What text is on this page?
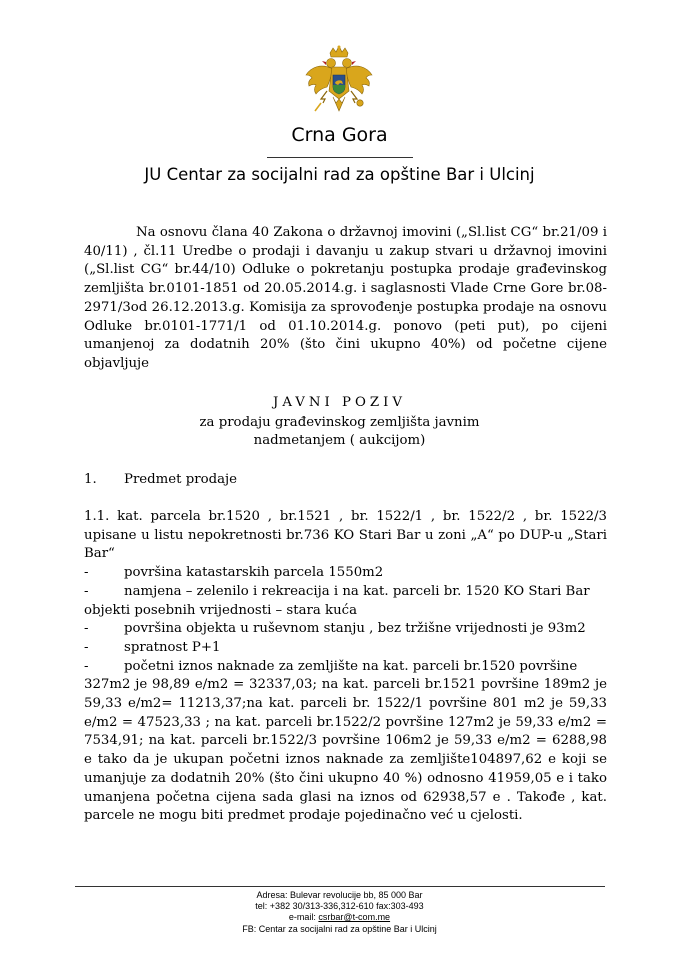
Crna Gora
JU Centar za socijalni rad za opštine Bar i Ulcinj
Na osnovu člana 40 Zakona o državnoj imovini („Sl.list CG“ br.21/09 i 40/11) , čl.11 Uredbe o prodaji i davanju u zakup stvari u državnoj imovini („Sl.list CG“ br.44/10) Odluke o pokretanju postupka prodaje građevinskog zemljišta br.0101-1851 od 20.05.2014.g. i saglasnosti Vlade Crne Gore br.08-2971/3od 26.12.2013.g. Komisija za sprovođenje postupka prodaje na osnovu Odluke br.0101-1771/1 od 01.10.2014.g. ponovo (peti put), po cijeni umanjenoj za dodatnih 20% (što čini ukupno 40%) od početne cijene objavljuje
JAVNI POZIV
za prodaju građevinskog zemljišta javnim
nadmetanjem ( aukcijom)
1. Predmet prodaje

1.1. kat. parcela br.1520 , br.1521 , br. 1522/1 , br. 1522/2 , br. 1522/3 upisane u listu nepokretnosti br.736 KO Stari Bar u zoni „A“ po DUP-u „Stari Bar“

-	površina katastarskih parcela 1550m2
-	namjena – zelenilo i rekreacija i na kat. parceli br. 1520 KO Stari Bar
objekti posebnih vrijednosti – stara kuća
-	površina objekta u ruševnom stanju , bez tržišne vrijednosti je 93m2
-	spratnost P+1
-	početni iznos naknade za zemljište na kat. parceli br.1520 površine
327m2 je 98,89 e/m2 = 32337,03; na kat. parceli br.1521 površine 189m2 je 59,33 e/m2= 11213,37;na kat. parceli br. 1522/1 površine 801 m2 je 59,33 e/m2 = 47523,33 ; na kat. parceli br.1522/2 površine 127m2 je 59,33 e/m2 = 7534,91; na kat. parceli br.1522/3 površine 106m2 je 59,33 e/m2 = 6288,98 e tako da je ukupan početni iznos naknade za zemljište104897,62 e koji se umanjuje za dodatnih 20% (što čini ukupno 40 %) odnosno 41959,05 e i tako umanjena početna cijena sada glasi na iznos od 62938,57 e . Takođe , kat. parcele ne mogu biti predmet prodaje pojedinačno već u cjelosti.
Adresa: Bulevar revolucije bb, 85 000 Bar
tel: +382 30/313-336,312-610 fax:303-493
e-mail: csrbar@t-com.me
FB: Centar za socijalni rad za opštine Bar i Ulcinj
